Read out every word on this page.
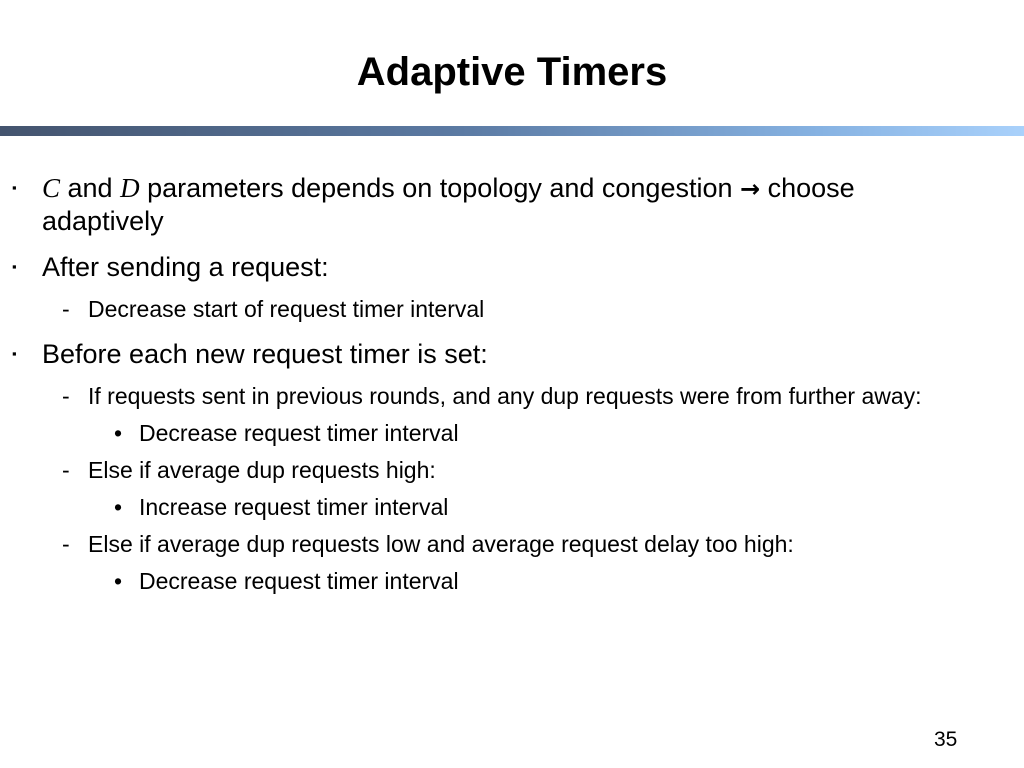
Adaptive Timers
▪ C and D parameters depends on topology and congestion → choose adaptively
▪ After sending a request:
- Decrease start of request timer interval
▪ Before each new request timer is set:
- If requests sent in previous rounds, and any dup requests were from further away:
• Decrease request timer interval
- Else if average dup requests high:
• Increase request timer interval
- Else if average dup requests low and average request delay too high:
• Decrease request timer interval
35
